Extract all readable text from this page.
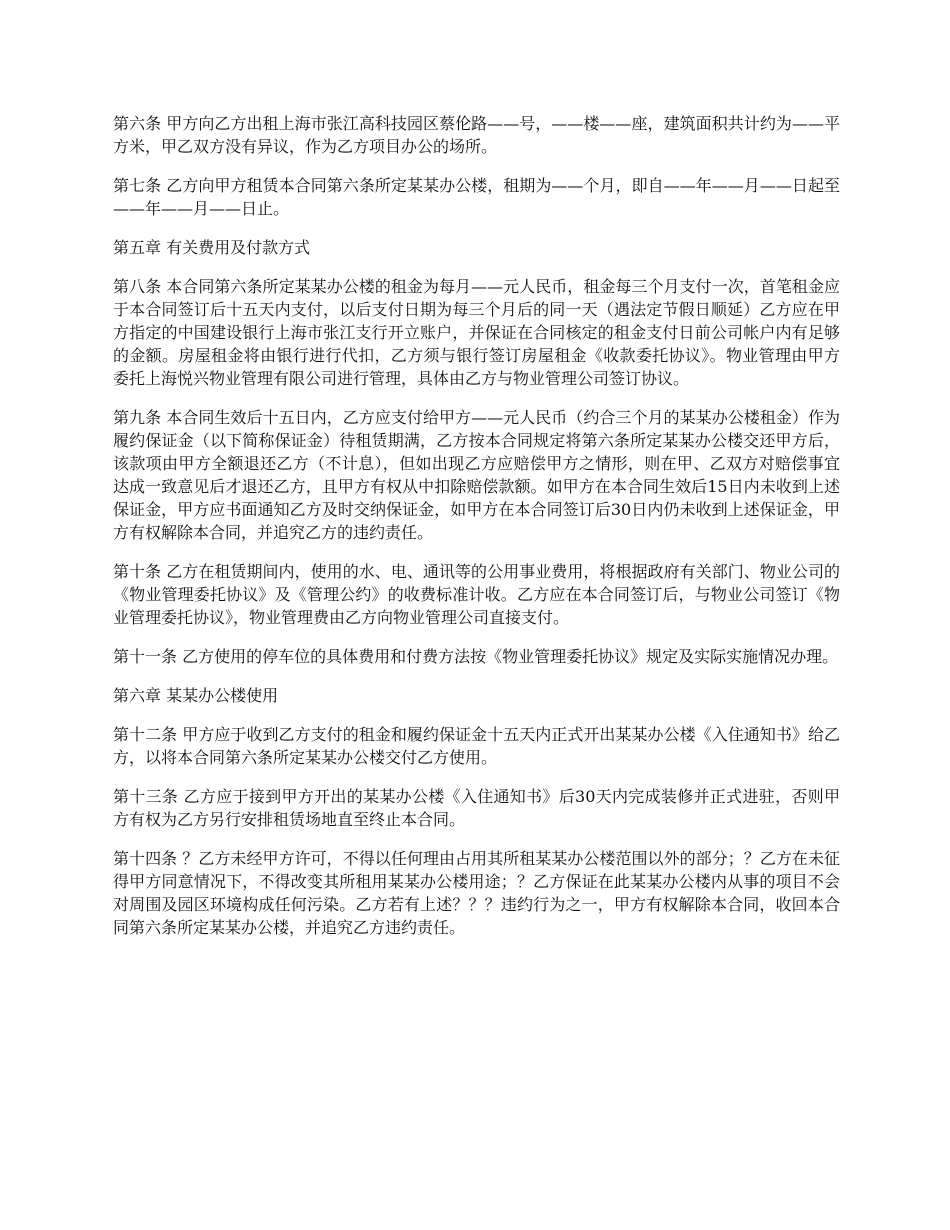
第六条 甲方向乙方出租上海市张江高科技园区蔡伦路——号，——楼——座，建筑面积共计约为——平方米，甲乙双方没有异议，作为乙方项目办公的场所。

第七条 乙方向甲方租赁本合同第六条所定某某办公楼，租期为——个月，即自——年——月——日起至——年——月——日止。

第五章 有关费用及付款方式

第八条 本合同第六条所定某某办公楼的租金为每月——元人民币，租金每三个月支付一次，首笔租金应于本合同签订后十五天内支付，以后支付日期为每三个月后的同一天（遇法定节假日顺延）乙方应在甲方指定的中国建设银行上海市张江支行开立账户，并保证在合同核定的租金支付日前公司帐户内有足够的金额。房屋租金将由银行进行代扣，乙方须与银行签订房屋租金《收款委托协议》。物业管理由甲方委托上海悦兴物业管理有限公司进行管理，具体由乙方与物业管理公司签订协议。

第九条 本合同生效后十五日内，乙方应支付给甲方——元人民币（约合三个月的某某办公楼租金）作为履约保证金（以下简称保证金）待租赁期满，乙方按本合同规定将第六条所定某某办公楼交还甲方后，该款项由甲方全额退还乙方（不计息），但如出现乙方应赔偿甲方之情形，则在甲、乙双方对赔偿事宜达成一致意见后才退还乙方，且甲方有权从中扣除赔偿款额。如甲方在本合同生效后15日内未收到上述保证金，甲方应书面通知乙方及时交纳保证金，如甲方在本合同签订后30日内仍未收到上述保证金，甲方有权解除本合同，并追究乙方的违约责任。

第十条 乙方在租赁期间内，使用的水、电、通讯等的公用事业费用，将根据政府有关部门、物业公司的《物业管理委托协议》及《管理公约》的收费标准计收。乙方应在本合同签订后，与物业公司签订《物业管理委托协议》，物业管理费由乙方向物业管理公司直接支付。

第十一条 乙方使用的停车位的具体费用和付费方法按《物业管理委托协议》规定及实际实施情况办理。

第六章 某某办公楼使用

第十二条 甲方应于收到乙方支付的租金和履约保证金十五天内正式开出某某办公楼《入住通知书》给乙方，以将本合同第六条所定某某办公楼交付乙方使用。

第十三条 乙方应于接到甲方开出的某某办公楼《入住通知书》后30天内完成装修并正式进驻，否则甲方有权为乙方另行安排租赁场地直至终止本合同。

第十四条 ？乙方未经甲方许可，不得以任何理由占用其所租某某办公楼范围以外的部分；？乙方在未征得甲方同意情况下，不得改变其所租用某某办公楼用途；？乙方保证在此某某办公楼内从事的项目不会对周围及园区环境构成任何污染。乙方若有上述？？？违约行为之一，甲方有权解除本合同，收回本合同第六条所定某某办公楼，并追究乙方违约责任。
